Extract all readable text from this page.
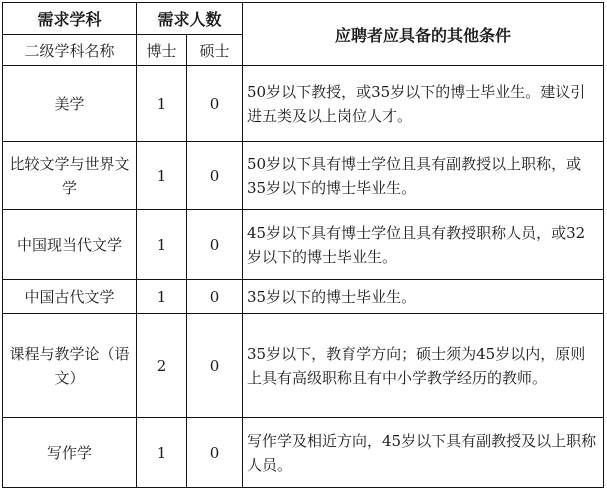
需求学科	需求人数		应聘者应具备的其他条件
二级学科名称	博士	硕士	
美学	1	0	50岁以下教授，或35岁以下的博士毕业生。建议引进五类及以上岗位人才。
比较文学与世界文学	1	0	50岁以下具有博士学位且具有副教授以上职称，或35岁以下的博士毕业生。
中国现当代文学	1	0	45岁以下具有博士学位且具有教授职称人员，或32岁以下的博士毕业生。
中国古代文学	1	0	35岁以下的博士毕业生。
课程与教学论（语文）	2	0	35岁以下，教育学方向；硕士须为45岁以内，原则上具有高级职称且有中小学教学经历的教师。
写作学	1	0	写作学及相近方向，45岁以下具有副教授及以上职称人员。
